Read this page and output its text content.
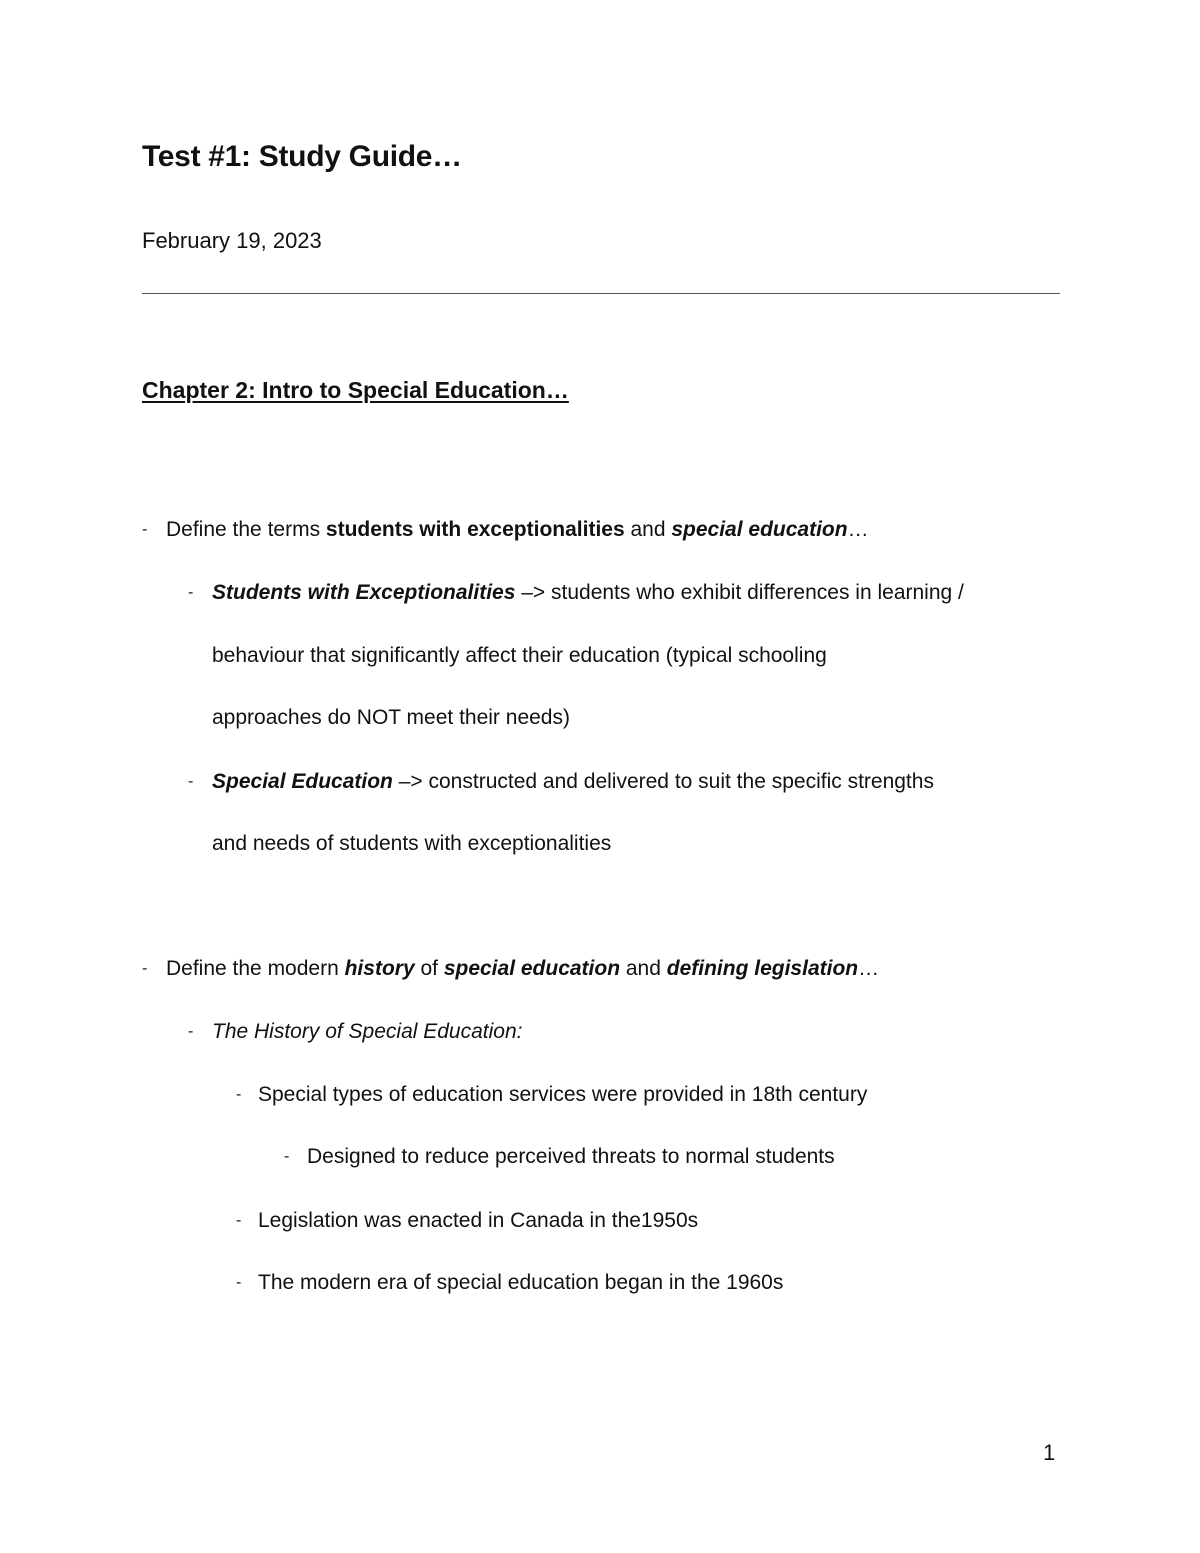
Test #1: Study Guide…

February 19, 2023

Chapter 2: Intro to Special Education…
- Define the terms students with exceptionalities and special education…

- Students with Exceptionalities –> students who exhibit differences in learning /

behaviour that significantly affect their education (typical schooling

approaches do NOT meet their needs)

- Special Education –> constructed and delivered to suit the specific strengths

and needs of students with exceptionalities

- Define the modern history of special education and defining legislation…

- The History of Special Education:

- Special types of education services were provided in 18th century

- Designed to reduce perceived threats to normal students

- Legislation was enacted in Canada in the1950s

- The modern era of special education began in the 1960s

1
